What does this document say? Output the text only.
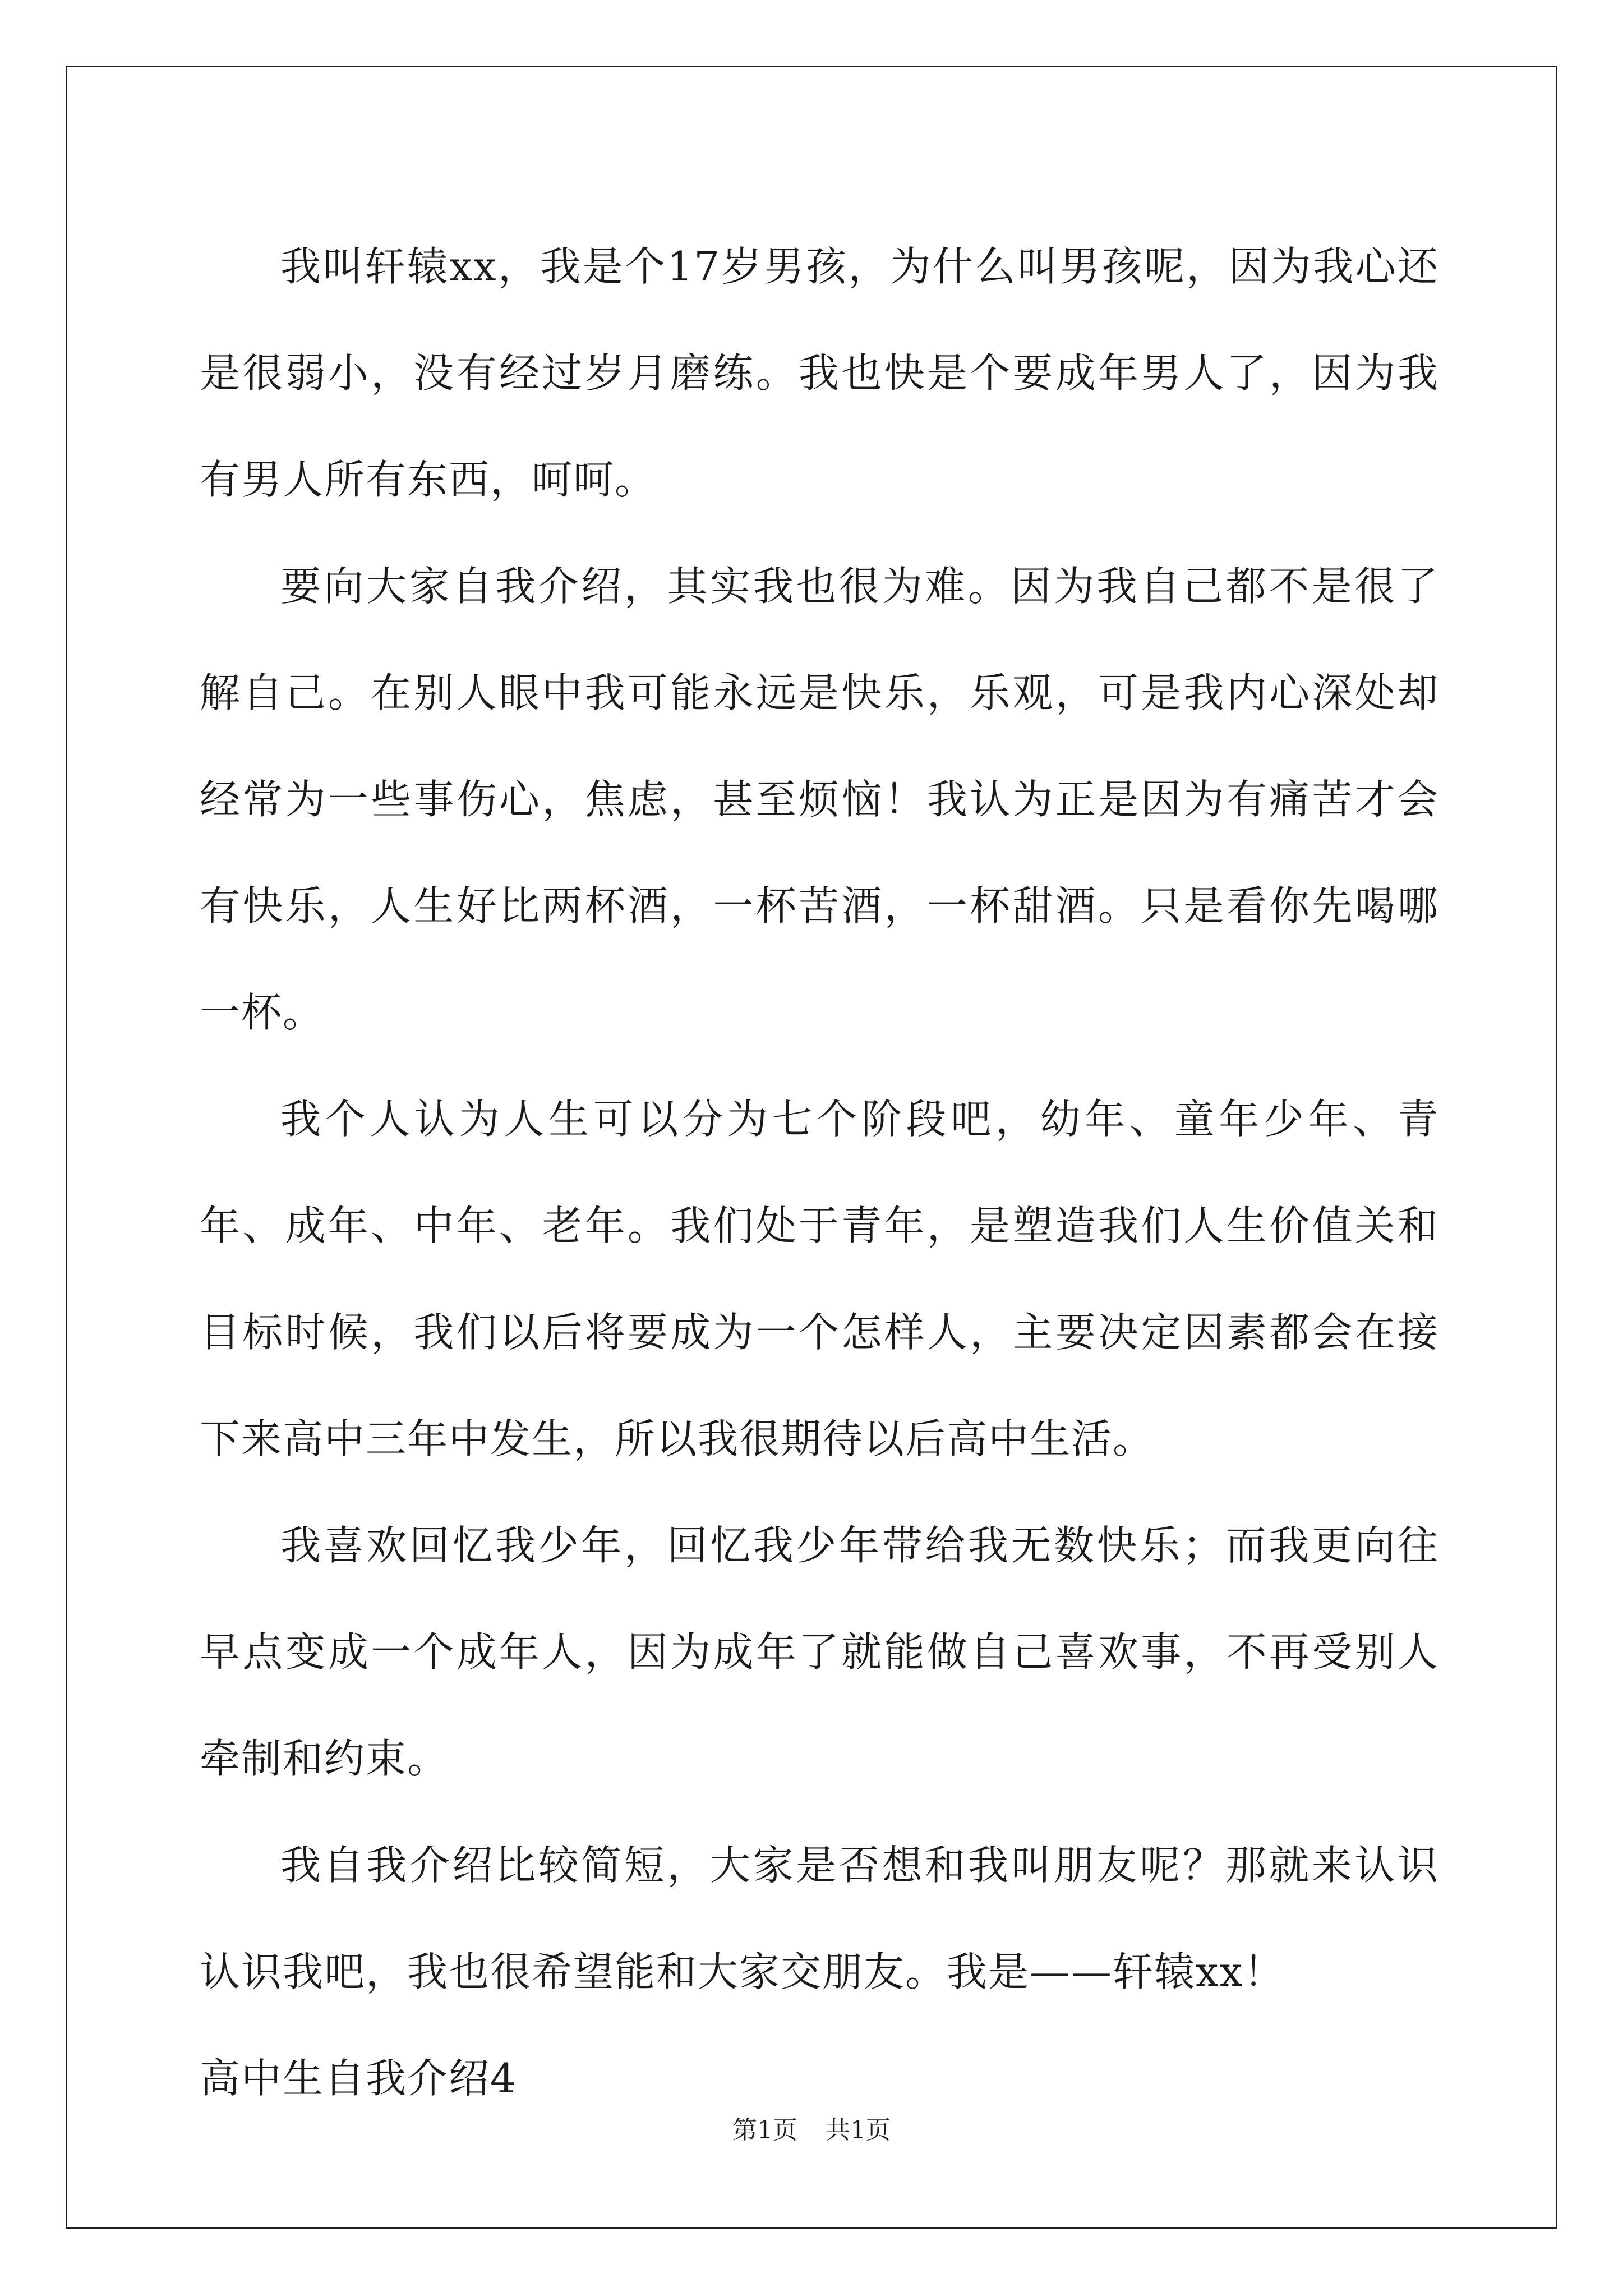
我叫轩辕xx，我是个17岁男孩，为什么叫男孩呢，因为我心还是很弱小，没有经过岁月磨练。我也快是个要成年男人了，因为我有男人所有东西，呵呵。

要向大家自我介绍，其实我也很为难。因为我自己都不是很了解自己。在别人眼中我可能永远是快乐，乐观，可是我内心深处却经常为一些事伤心，焦虑，甚至烦恼！我认为正是因为有痛苦才会有快乐，人生好比两杯酒，一杯苦酒，一杯甜酒。只是看你先喝哪一杯。

我个人认为人生可以分为七个阶段吧，幼年、童年少年、青年、成年、中年、老年。我们处于青年，是塑造我们人生价值关和目标时候，我们以后将要成为一个怎样人，主要决定因素都会在接下来高中三年中发生，所以我很期待以后高中生活。

我喜欢回忆我少年，回忆我少年带给我无数快乐；而我更向往早点变成一个成年人，因为成年了就能做自己喜欢事，不再受别人牵制和约束。

我自我介绍比较简短，大家是否想和我叫朋友呢？那就来认识认识我吧，我也很希望能和大家交朋友。我是——轩辕xx！

高中生自我介绍4

第1页 共1页
